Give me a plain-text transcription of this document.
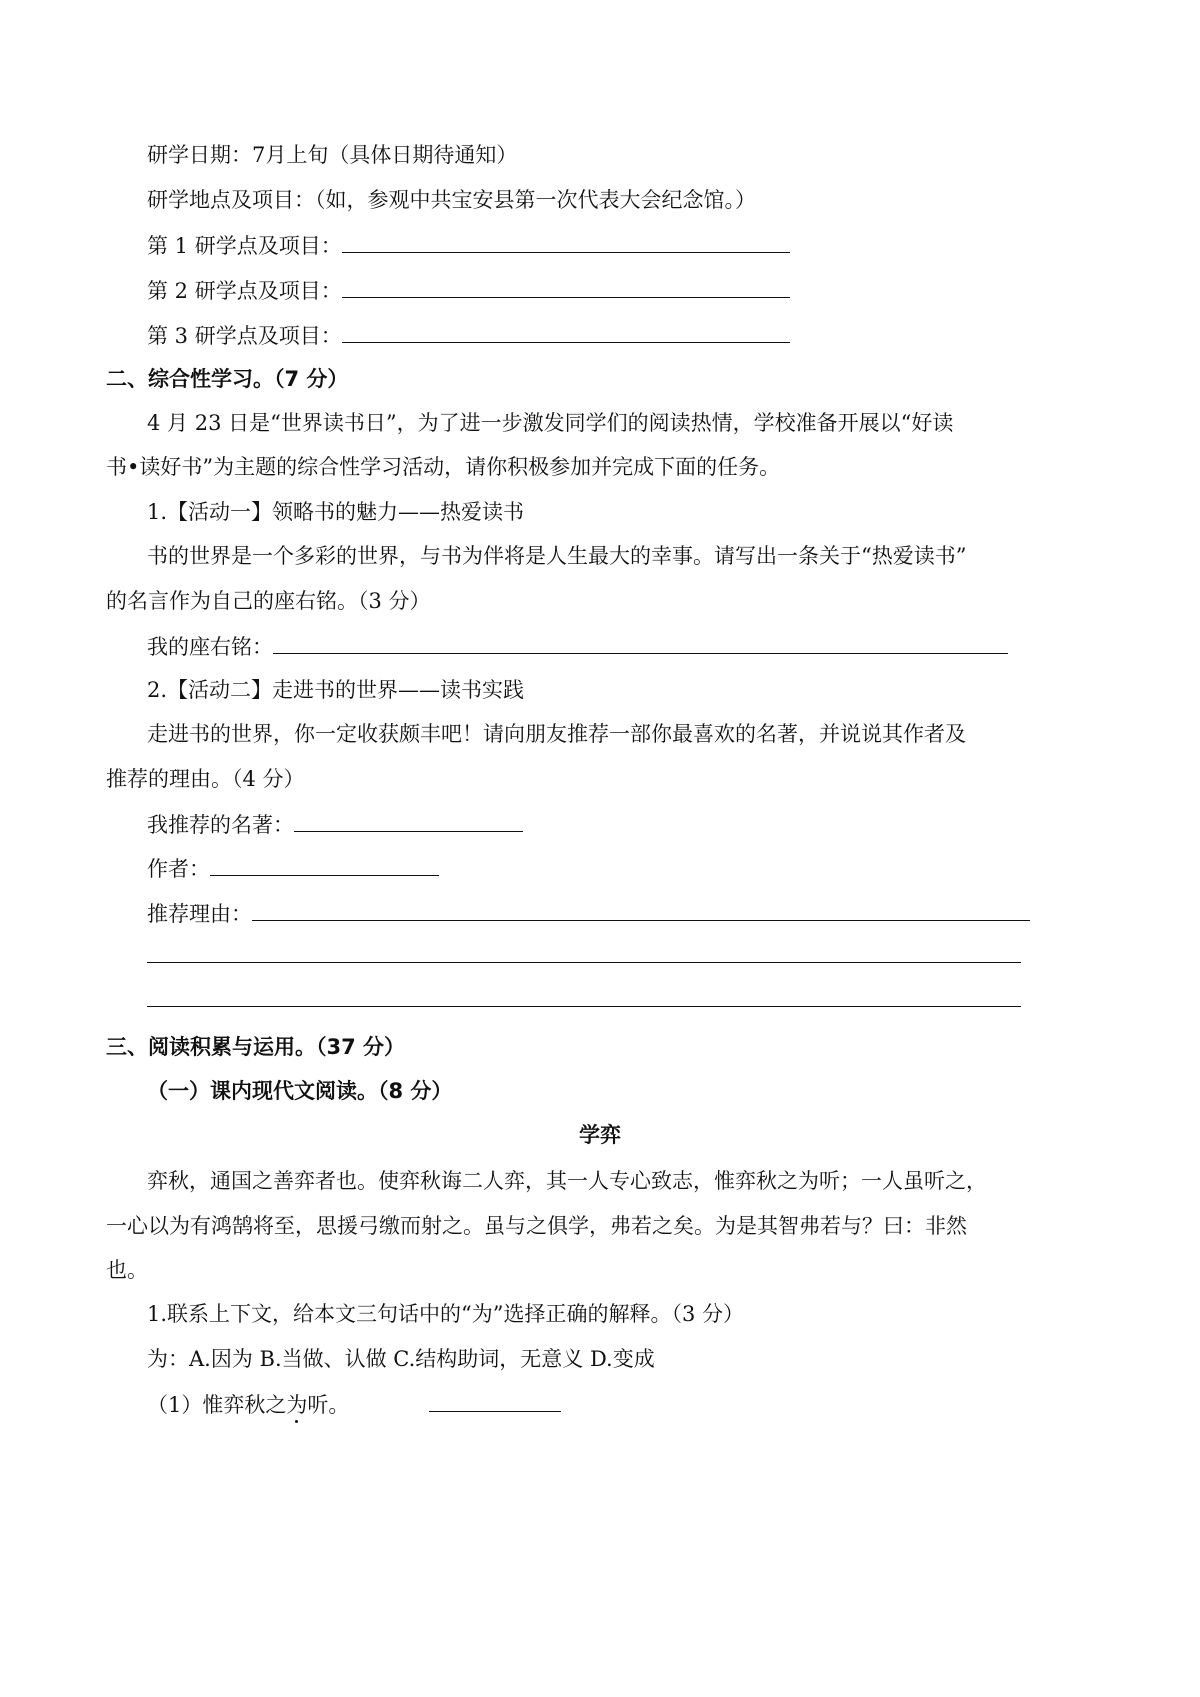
研学日期：7月上旬（具体日期待通知）
研学地点及项目：（如，参观中共宝安县第一次代表大会纪念馆。）
第 1 研学点及项目：
第 2 研学点及项目：
第 3 研学点及项目：
二、综合性学习。（7 分）
4 月 23 日是“世界读书日”，为了进一步激发同学们的阅读热情，学校准备开展以“好读
书•读好书”为主题的综合性学习活动，请你积极参加并完成下面的任务。
1.【活动一】领略书的魅力——热爱读书
书的世界是一个多彩的世界，与书为伴将是人生最大的幸事。请写出一条关于“热爱读书”
的名言作为自己的座右铭。（3 分）
我的座右铭：
2.【活动二】走进书的世界——读书实践
走进书的世界，你一定收获颇丰吧！请向朋友推荐一部你最喜欢的名著，并说说其作者及
推荐的理由。（4 分）
我推荐的名著：
作者：
推荐理由：
三、阅读积累与运用。（37 分）
（一）课内现代文阅读。（8 分）
学弈
弈秋，通国之善弈者也。使弈秋诲二人弈，其一人专心致志，惟弈秋之为听；一人虽听之，
一心以为有鸿鹄将至，思援弓缴而射之。虽与之俱学，弗若之矣。为是其智弗若与？曰：非然
也。
1.联系上下文，给本文三句话中的“为”选择正确的解释。（3 分）
为：A.因为 B.当做、认做 C.结构助词，无意义 D.变成
（1）惟弈秋之为听。
